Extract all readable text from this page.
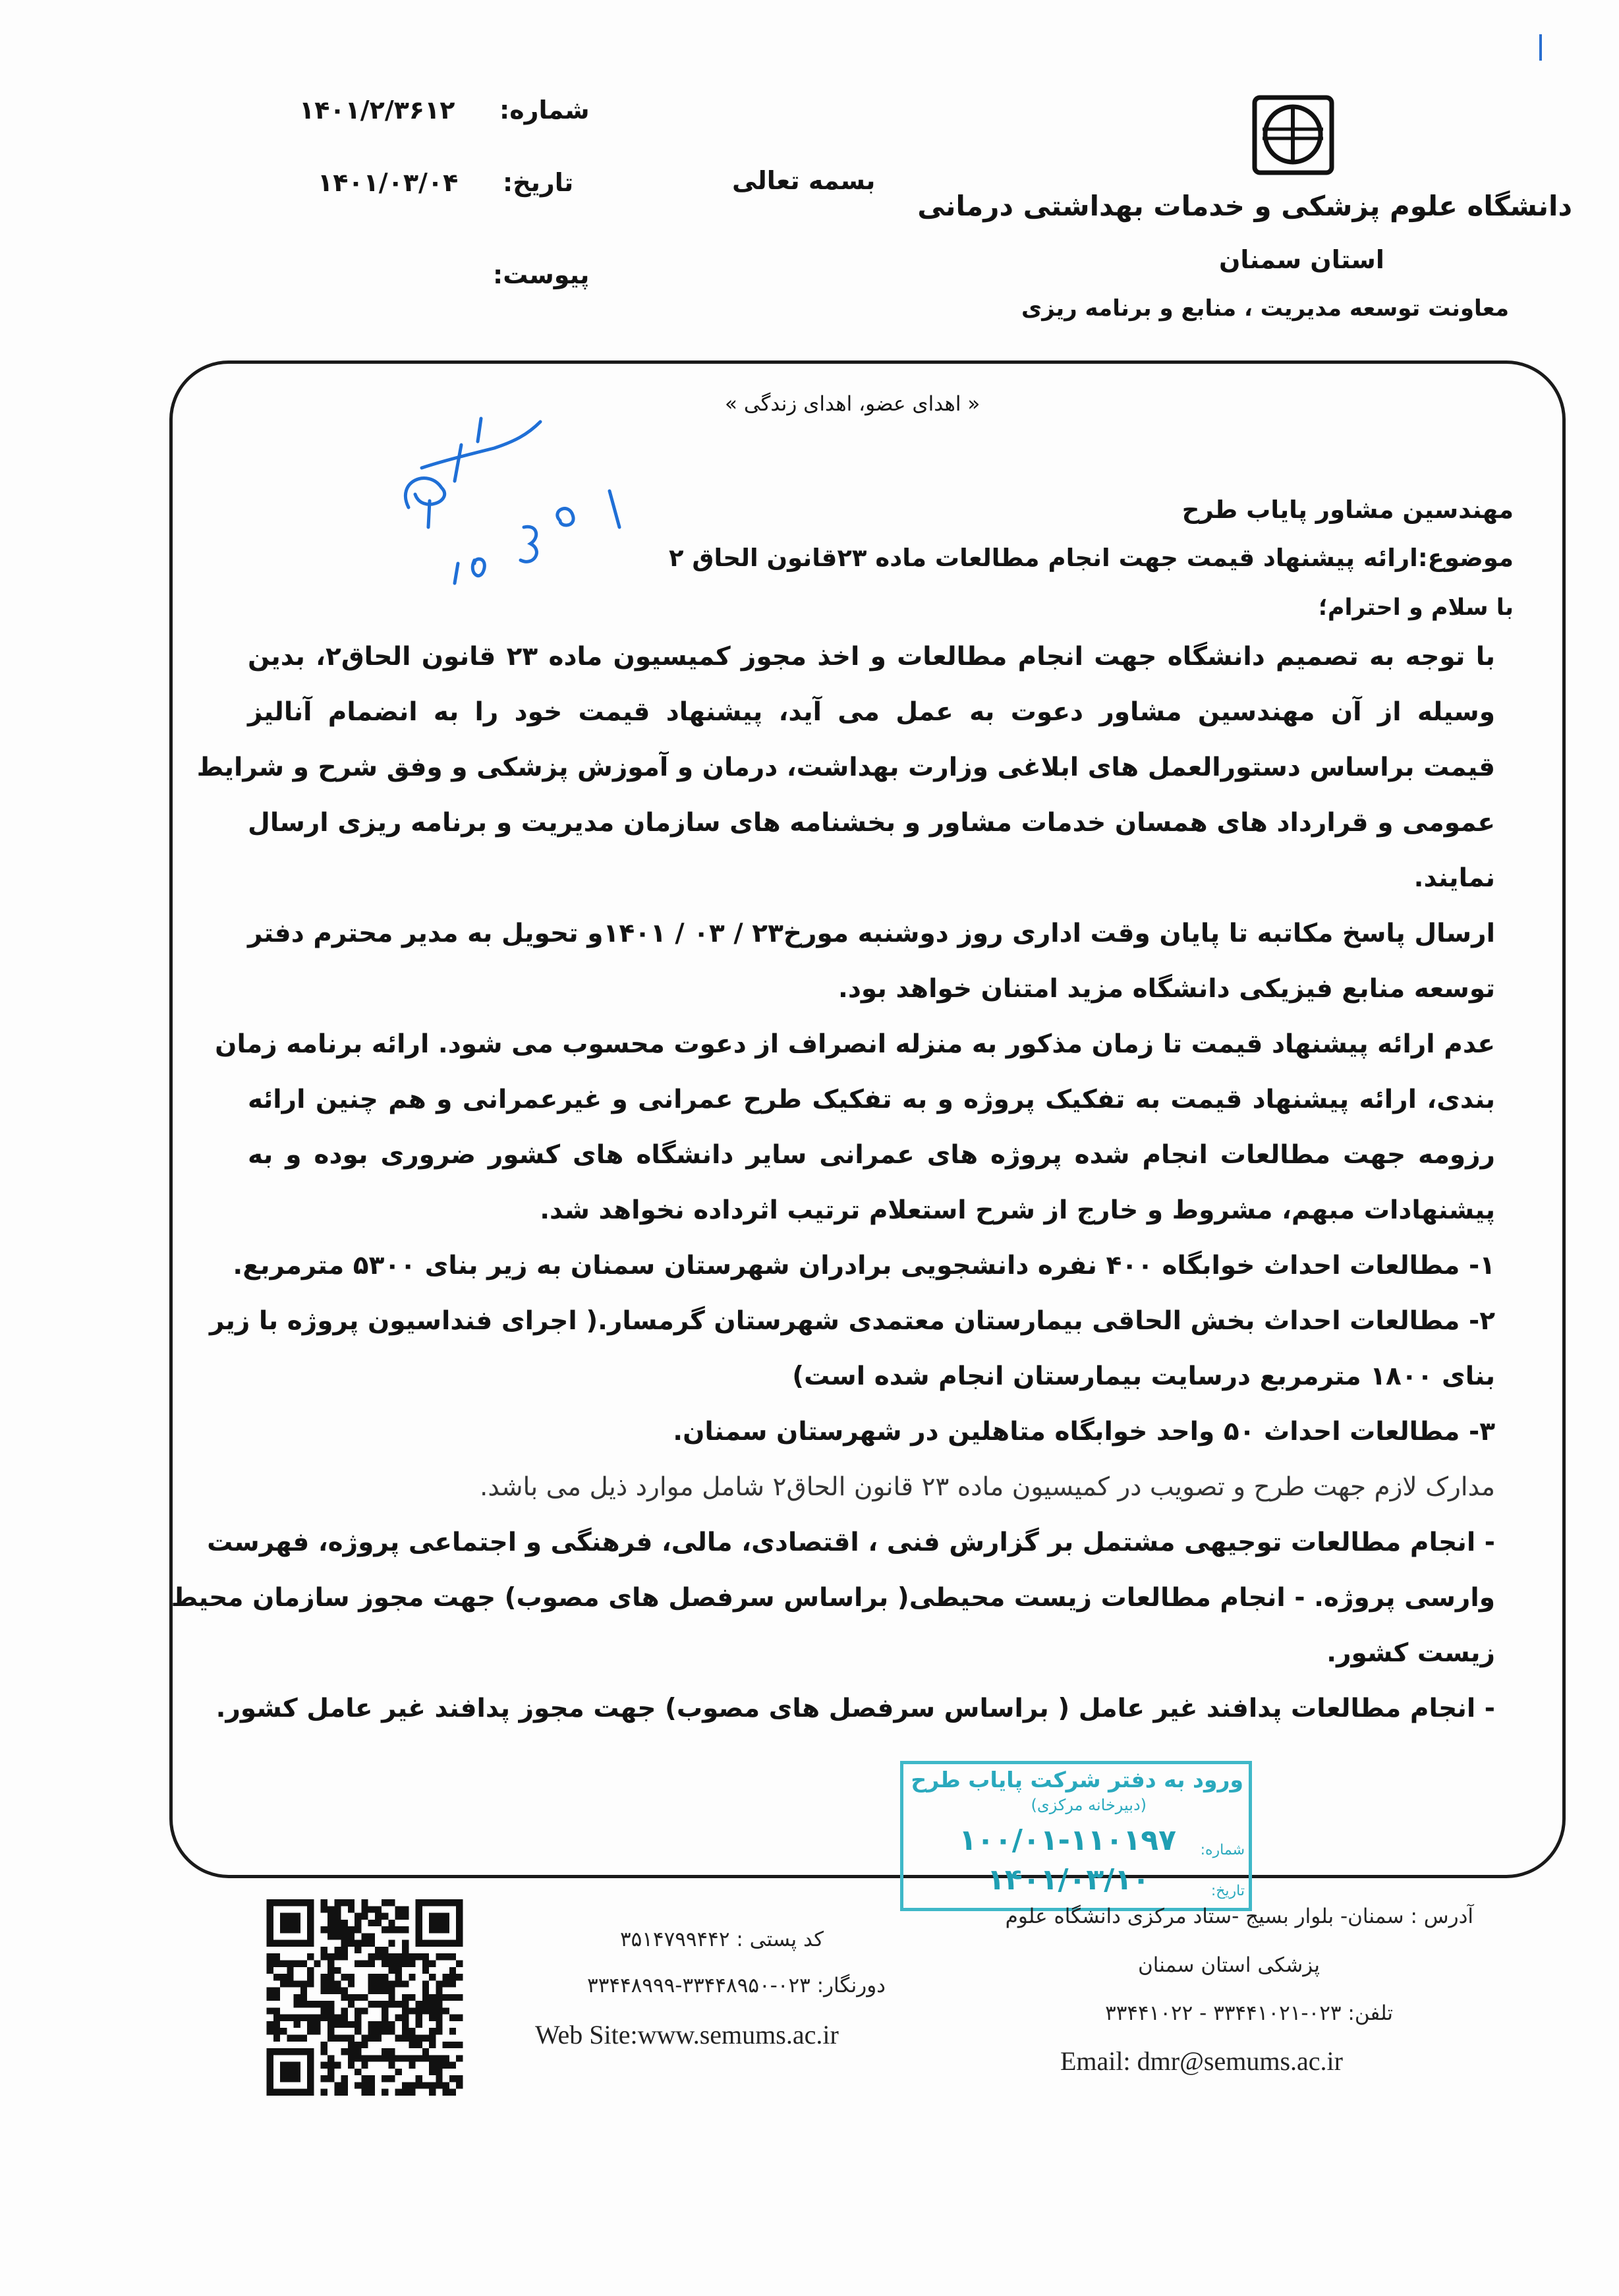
دانشگاه علوم پزشکی و خدمات بهداشتی درمانی
استان سمنان
معاونت توسعه مدیریت ، منابع و برنامه ریزی
بسمه تعالی
شماره:
۱۴۰۱/۲/۳۶۱۲
تاریخ:
۱۴۰۱/۰۳/۰۴
پیوست:
« اهدای عضو، اهدای زندگی »
مهندسین مشاور پایاب طرح
موضوع:ارائه پیشنهاد قیمت جهت انجام مطالعات ماده ۲۳قانون الحاق ۲
با سلام و احترام؛
با توجه به تصمیم دانشگاه جهت انجام مطالعات و اخذ مجوز کمیسیون ماده ۲۳ قانون الحاق۲، بدین
وسیله از آن مهندسین مشاور دعوت به عمل می آید، پیشنهاد قیمت خود را به انضمام آنالیز
قیمت براساس دستورالعمل های ابلاغی وزارت بهداشت، درمان و آموزش پزشکی و وفق شرح و شرایط
عمومی و قرارداد های همسان خدمات مشاور و بخشنامه های سازمان مدیریت و برنامه ریزی ارسال
نمایند.
ارسال پاسخ مکاتبه تا پایان وقت اداری روز دوشنبه مورخ۲۳ / ۰۳ / ۱۴۰۱و تحویل به مدیر محترم دفتر
توسعه منابع فیزیکی دانشگاه مزید امتنان خواهد بود.
عدم ارائه پیشنهاد قیمت تا زمان مذکور به منزله انصراف از دعوت محسوب می شود. ارائه برنامه زمان
بندی، ارائه پیشنهاد قیمت به تفکیک پروژه و به تفکیک طرح عمرانی و غیرعمرانی و هم چنین ارائه
رزومه جهت مطالعات انجام شده پروژه های عمرانی سایر دانشگاه های کشور ضروری بوده و به
پیشنهادات مبهم، مشروط و خارج از شرح استعلام ترتیب اثرداده نخواهد شد.
۱- مطالعات احداث خوابگاه ۴۰۰ نفره دانشجویی برادران شهرستان سمنان به زیر بنای ۵۳۰۰ مترمربع.
۲- مطالعات احداث بخش الحاقی بیمارستان معتمدی شهرستان گرمسار.( اجرای فنداسیون پروژه با زیر
بنای ۱۸۰۰ مترمربع درسایت بیمارستان انجام شده است)
۳- مطالعات احداث ۵۰ واحد خوابگاه متاهلین در شهرستان سمنان.
مدارک لازم جهت طرح و تصویب در کمیسیون ماده ۲۳ قانون الحاق۲ شامل موارد ذیل می باشد.
- انجام مطالعات توجیهی مشتمل بر گزارش فنی ، اقتصادی، مالی، فرهنگی و اجتماعی پروژه، فهرست
وارسی پروژه. - انجام مطالعات زیست محیطی( براساس سرفصل های مصوب) جهت مجوز سازمان محیط
زیست کشور.
- انجام مطالعات پدافند غیر عامل ( براساس سرفصل های مصوب) جهت مجوز پدافند غیر عامل کشور.
ورود به دفتر شرکت پایاب طرح
(دبیرخانه مرکزی)
شماره:
۱۰۰/۰۱-۱۱۰۱۹۷
تاریخ:
۱۴۰۱/۰۳/۱۰
کد پستی : ۳۵۱۴۷۹۹۴۴۲
دورنگار: ۰۲۳-۳۳۴۴۸۹۵۰-۳۳۴۴۸۹۹۹
Web Site:www.semums.ac.ir
آدرس : سمنان- بلوار بسیج -ستاد مرکزی دانشگاه علوم
پزشکی استان سمنان
تلفن: ۰۲۳-۳۳۴۴۱۰۲۱ - ۳۳۴۴۱۰۲۲
Email: dmr@semums.ac.ir
